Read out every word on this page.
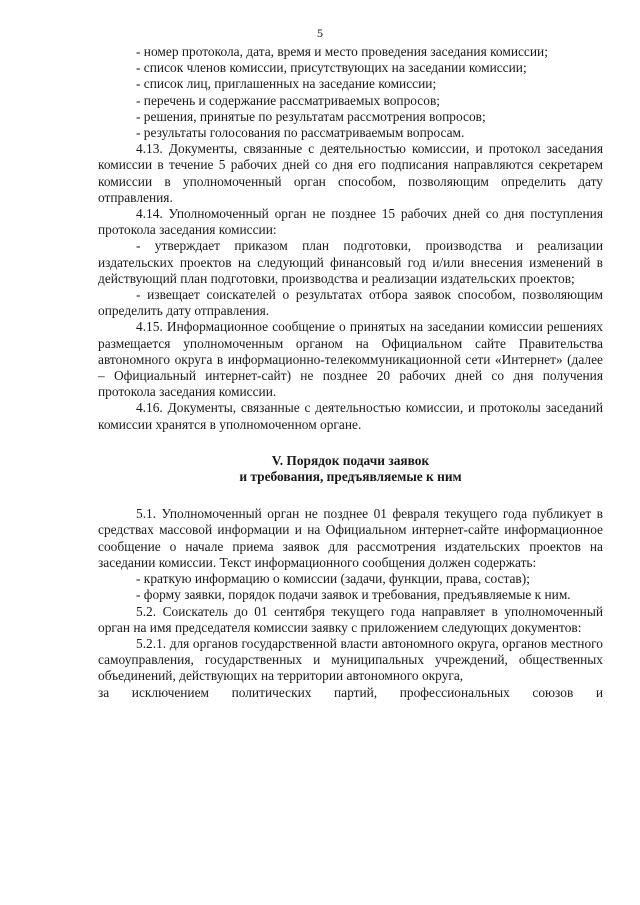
5

- номер протокола, дата, время и место проведения заседания комиссии;

- список членов комиссии, присутствующих на заседании комиссии;

- список лиц, приглашенных на заседание комиссии;

- перечень и содержание рассматриваемых вопросов;

- решения, принятые по результатам рассмотрения вопросов;

- результаты голосования по рассматриваемым вопросам.

4.13. Документы, связанные с деятельностью комиссии, и протокол заседания комиссии в течение 5 рабочих дней со дня его подписания направляются секретарем комиссии в уполномоченный орган способом, позволяющим определить дату отправления.

4.14. Уполномоченный орган не позднее 15 рабочих дней со дня поступления протокола заседания комиссии:

- утверждает приказом план подготовки, производства и реализации издательских проектов на следующий финансовый год и/или внесения изменений в действующий план подготовки, производства и реализации издательских проектов;

- извещает соискателей о результатах отбора заявок способом, позволяющим определить дату отправления.

4.15. Информационное сообщение о принятых на заседании комиссии решениях размещается уполномоченным органом на Официальном сайте Правительства автономного округа в информационно-телекоммуникационной сети «Интернет» (далее – Официальный интернет-сайт) не позднее 20 рабочих дней со дня получения протокола заседания комиссии.

4.16. Документы, связанные с деятельностью комиссии, и протоколы заседаний комиссии хранятся в уполномоченном органе.

V. Порядок подачи заявок

и требования, предъявляемые к ним

5.1. Уполномоченный орган не позднее 01 февраля текущего года публикует в средствах массовой информации и на Официальном интернет-сайте информационное сообщение о начале приема заявок для рассмотрения издательских проектов на заседании комиссии. Текст информационного сообщения должен содержать:

- краткую информацию о комиссии (задачи, функции, права, состав);

- форму заявки, порядок подачи заявок и требования, предъявляемые к ним.

5.2. Соискатель до 01 сентября текущего года направляет в уполномоченный орган на имя председателя комиссии заявку с приложением следующих документов:

5.2.1. для органов государственной власти автономного округа, органов местного самоуправления, государственных и муниципальных учреждений, общественных объединений, действующих на территории автономного округа,

за исключением политических партий, профессиональных союзов и
